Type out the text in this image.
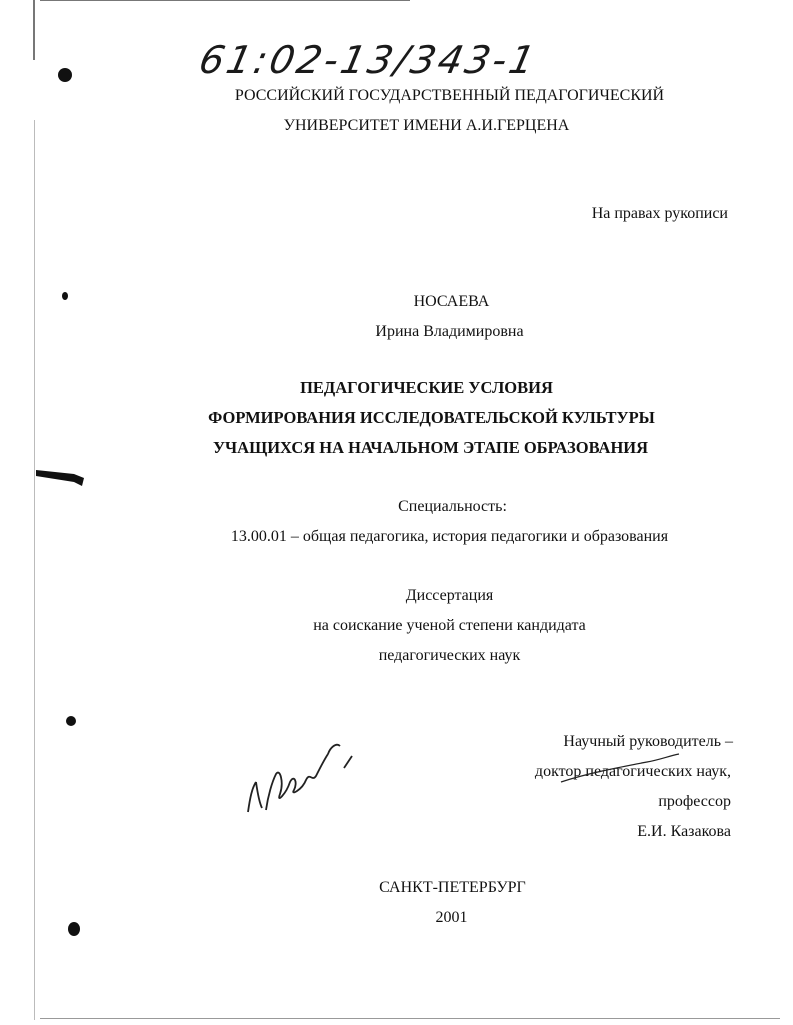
61:02-13/343-1
РОССИЙСКИЙ ГОСУДАРСТВЕННЫЙ ПЕДАГОГИЧЕСКИЙ
УНИВЕРСИТЕТ ИМЕНИ А.И.ГЕРЦЕНА
На правах рукописи
НОСАЕВА
Ирина Владимировна
ПЕДАГОГИЧЕСКИЕ УСЛОВИЯ
ФОРМИРОВАНИЯ ИССЛЕДОВАТЕЛЬСКОЙ КУЛЬТУРЫ
УЧАЩИХСЯ НА НАЧАЛЬНОМ ЭТАПЕ ОБРАЗОВАНИЯ
Специальность:
13.00.01 – общая педагогика, история педагогики и образования
Диссертация
на соискание ученой степени кандидата
педагогических наук
Научный руководитель –
доктор педагогических наук,
профессор
Е.И. Казакова
САНКТ-ПЕТЕРБУРГ
2001
